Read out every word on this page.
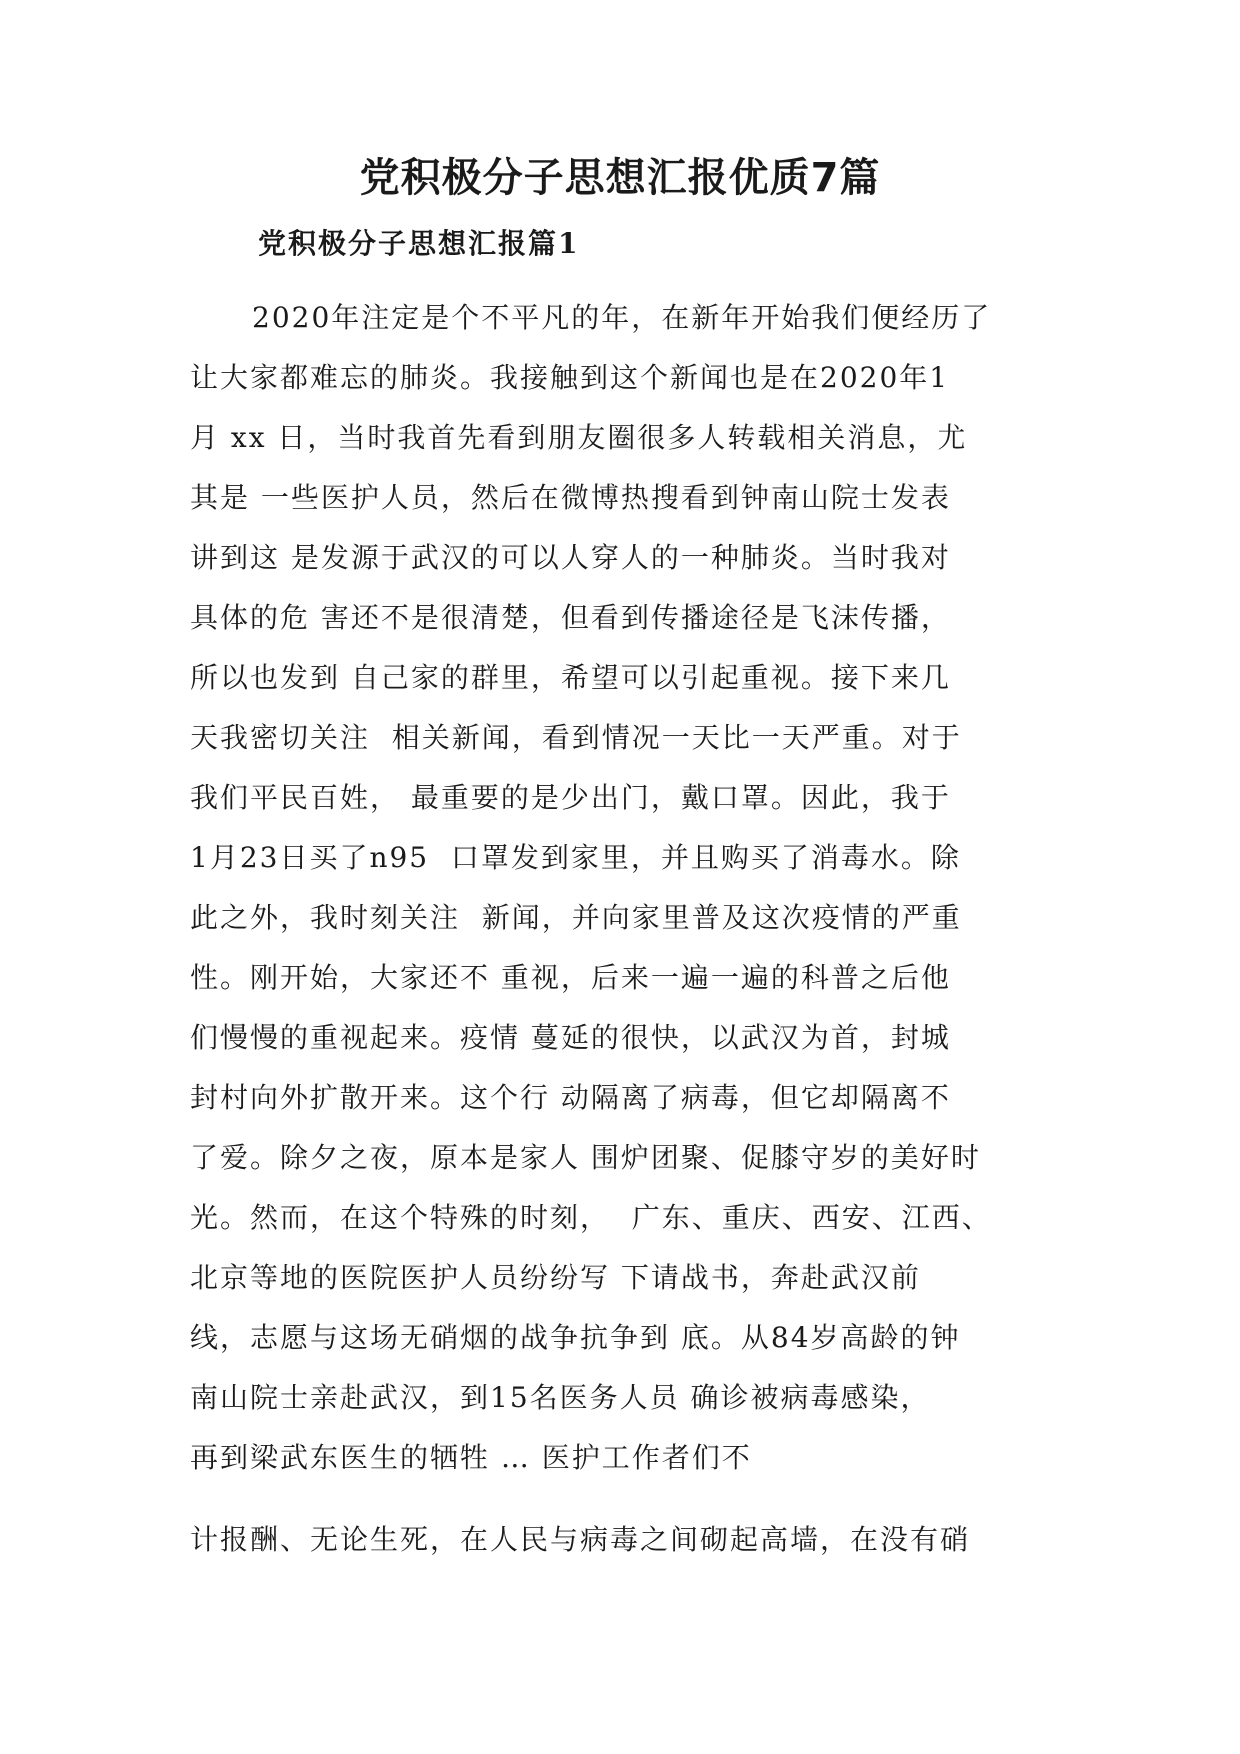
党积极分子思想汇报优质7篇
党积极分子思想汇报篇1
2020年注定是个不平凡的年，在新年开始我们便经历了
让大家都难忘的肺炎。我接触到这个新闻也是在2020年1
月 xx 日，当时我首先看到朋友圈很多人转载相关消息，尤
其是 一些医护人员，然后在微博热搜看到钟南山院士发表
讲到这 是发源于武汉的可以人穿人的一种肺炎。当时我对
具体的危 害还不是很清楚，但看到传播途径是飞沫传播，
所以也发到 自己家的群里，希望可以引起重视。接下来几
天我密切关注  相关新闻，看到情况一天比一天严重。对于
我们平民百姓， 最重要的是少出门，戴口罩。因此，我于
1月23日买了n95  口罩发到家里，并且购买了消毒水。除
此之外，我时刻关注  新闻，并向家里普及这次疫情的严重
性。刚开始，大家还不 重视，后来一遍一遍的科普之后他
们慢慢的重视起来。疫情 蔓延的很快，以武汉为首，封城
封村向外扩散开来。这个行 动隔离了病毒，但它却隔离不
了爱。除夕之夜，原本是家人 围炉团聚、促膝守岁的美好时
光。然而，在这个特殊的时刻，  广东、重庆、西安、江西、
北京等地的医院医护人员纷纷写 下请战书，奔赴武汉前
线，志愿与这场无硝烟的战争抗争到 底。从84岁高龄的钟
南山院士亲赴武汉，到15名医务人员 确诊被病毒感染，
再到梁武东医生的牺牲 … 医护工作者们不
计报酬、无论生死，在人民与病毒之间砌起高墙，在没有硝
